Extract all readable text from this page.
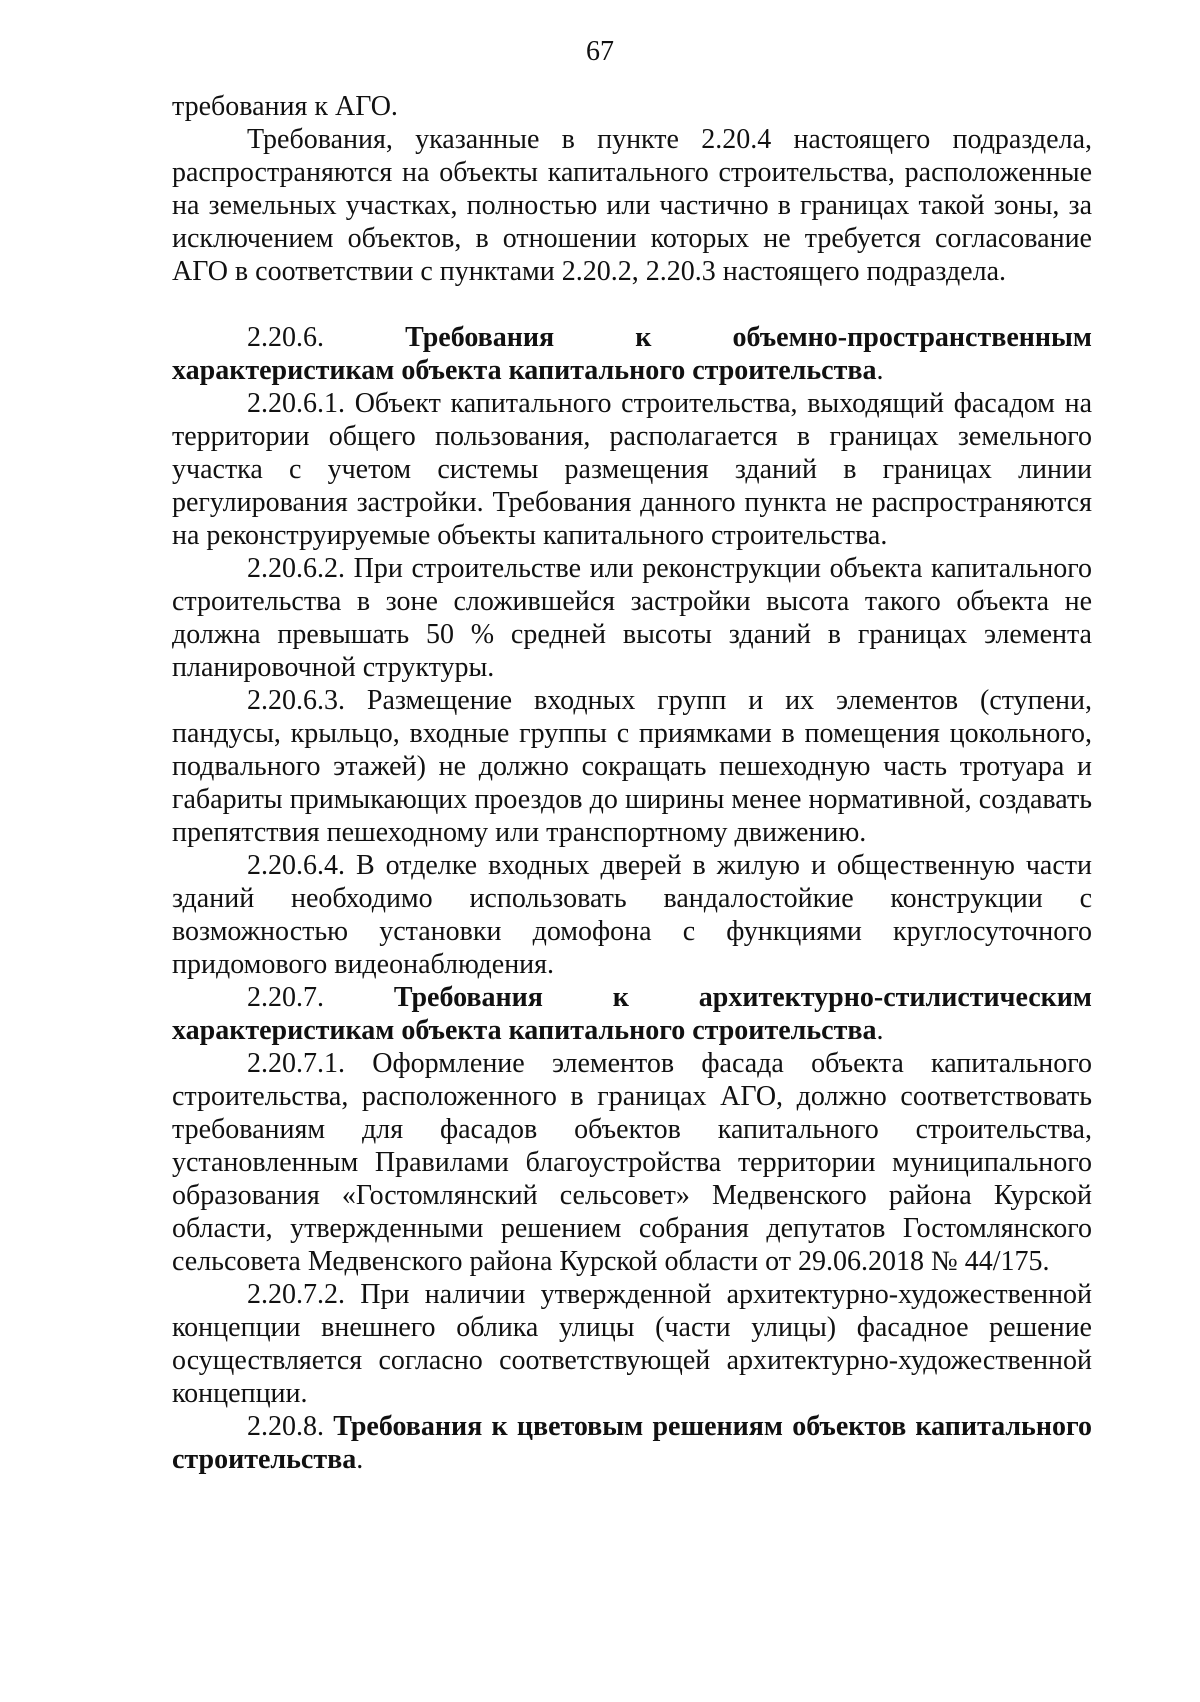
67

требования к АГО.

Требования, указанные в пункте 2.20.4 настоящего подраздела, распространяются на объекты капитального строительства, расположенные на земельных участках, полностью или частично в границах такой зоны, за исключением объектов, в отношении которых не требуется согласование АГО в соответствии с пунктами 2.20.2, 2.20.3 настоящего подраздела.

2.20.6.	Требования к объемно-пространственным характеристикам объекта капитального строительства.

2.20.6.1. Объект капитального строительства, выходящий фасадом на территории общего пользования, располагается в границах земельного участка с учетом системы размещения зданий в границах линии регулирования застройки. Требования данного пункта не распространяются на реконструируемые объекты капитального строительства.

2.20.6.2. При строительстве или реконструкции объекта капитального строительства в зоне сложившейся застройки высота такого объекта не должна превышать 50 % средней высоты зданий в границах элемента планировочной структуры.

2.20.6.3. Размещение входных групп и их элементов (ступени, пандусы, крыльцо, входные группы с приямками в помещения цокольного, подвального этажей) не должно сокращать пешеходную часть тротуара и габариты примыкающих проездов до ширины менее нормативной, создавать препятствия пешеходному или транспортному движению.

2.20.6.4. В отделке входных дверей в жилую и общественную части зданий необходимо использовать вандалостойкие конструкции с возможностью установки домофона с функциями круглосуточного придомового видеонаблюдения.

2.20.7. Требования к архитектурно-стилистическим характеристикам объекта капитального строительства.

2.20.7.1. Оформление элементов фасада объекта капитального строительства, расположенного в границах АГО, должно соответствовать требованиям для фасадов объектов капитального строительства, установленным Правилами благоустройства территории муниципального образования «Гостомлянский сельсовет» Медвенского района Курской области, утвержденными решением собрания депутатов Гостомлянского сельсовета Медвенского района Курской области от 29.06.2018 № 44/175.

2.20.7.2. При наличии утвержденной архитектурно-художественной концепции внешнего облика улицы (части улицы) фасадное решение осуществляется согласно соответствующей архитектурно-художественной концепции.

2.20.8. Требования к цветовым решениям объектов капитального строительства.
